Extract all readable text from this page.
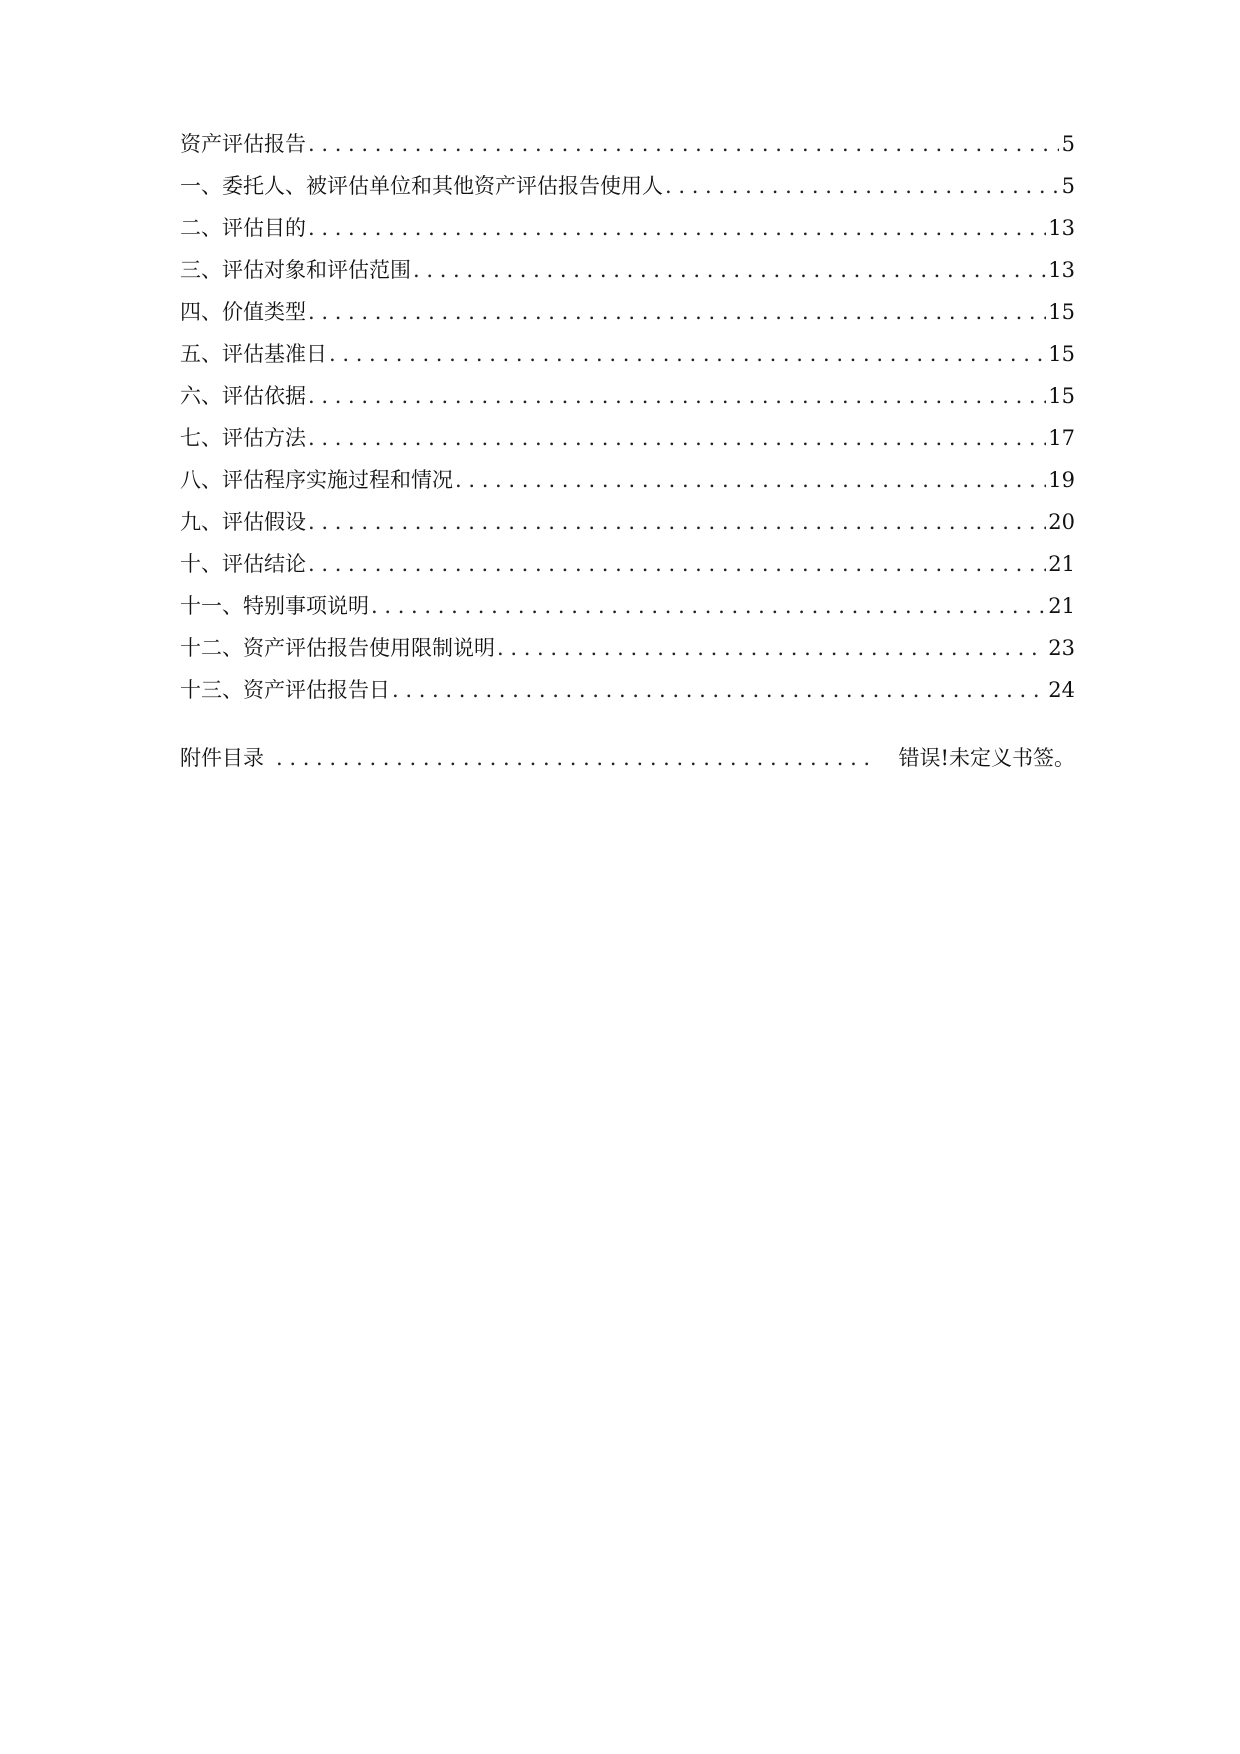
资产评估报告 . . .	5
一、委托人、被评估单位和其他资产评估报告使用人 . . .	5
二、评估目的 . . .	13
三、评估对象和评估范围 . . .	13
四、价值类型 . . .	15
五、评估基准日 . . .	15
六、评估依据 . . .	15
七、评估方法 . . .	17
八、评估程序实施过程和情况 . . .	19
九、评估假设 . . .	20
十、评估结论 . . .	21
十一、特别事项说明 . . .	21
十二、资产评估报告使用限制说明 . . .	23
十三、资产评估报告日 . . .	24
附件目录 . . .	错误!未定义书签。
